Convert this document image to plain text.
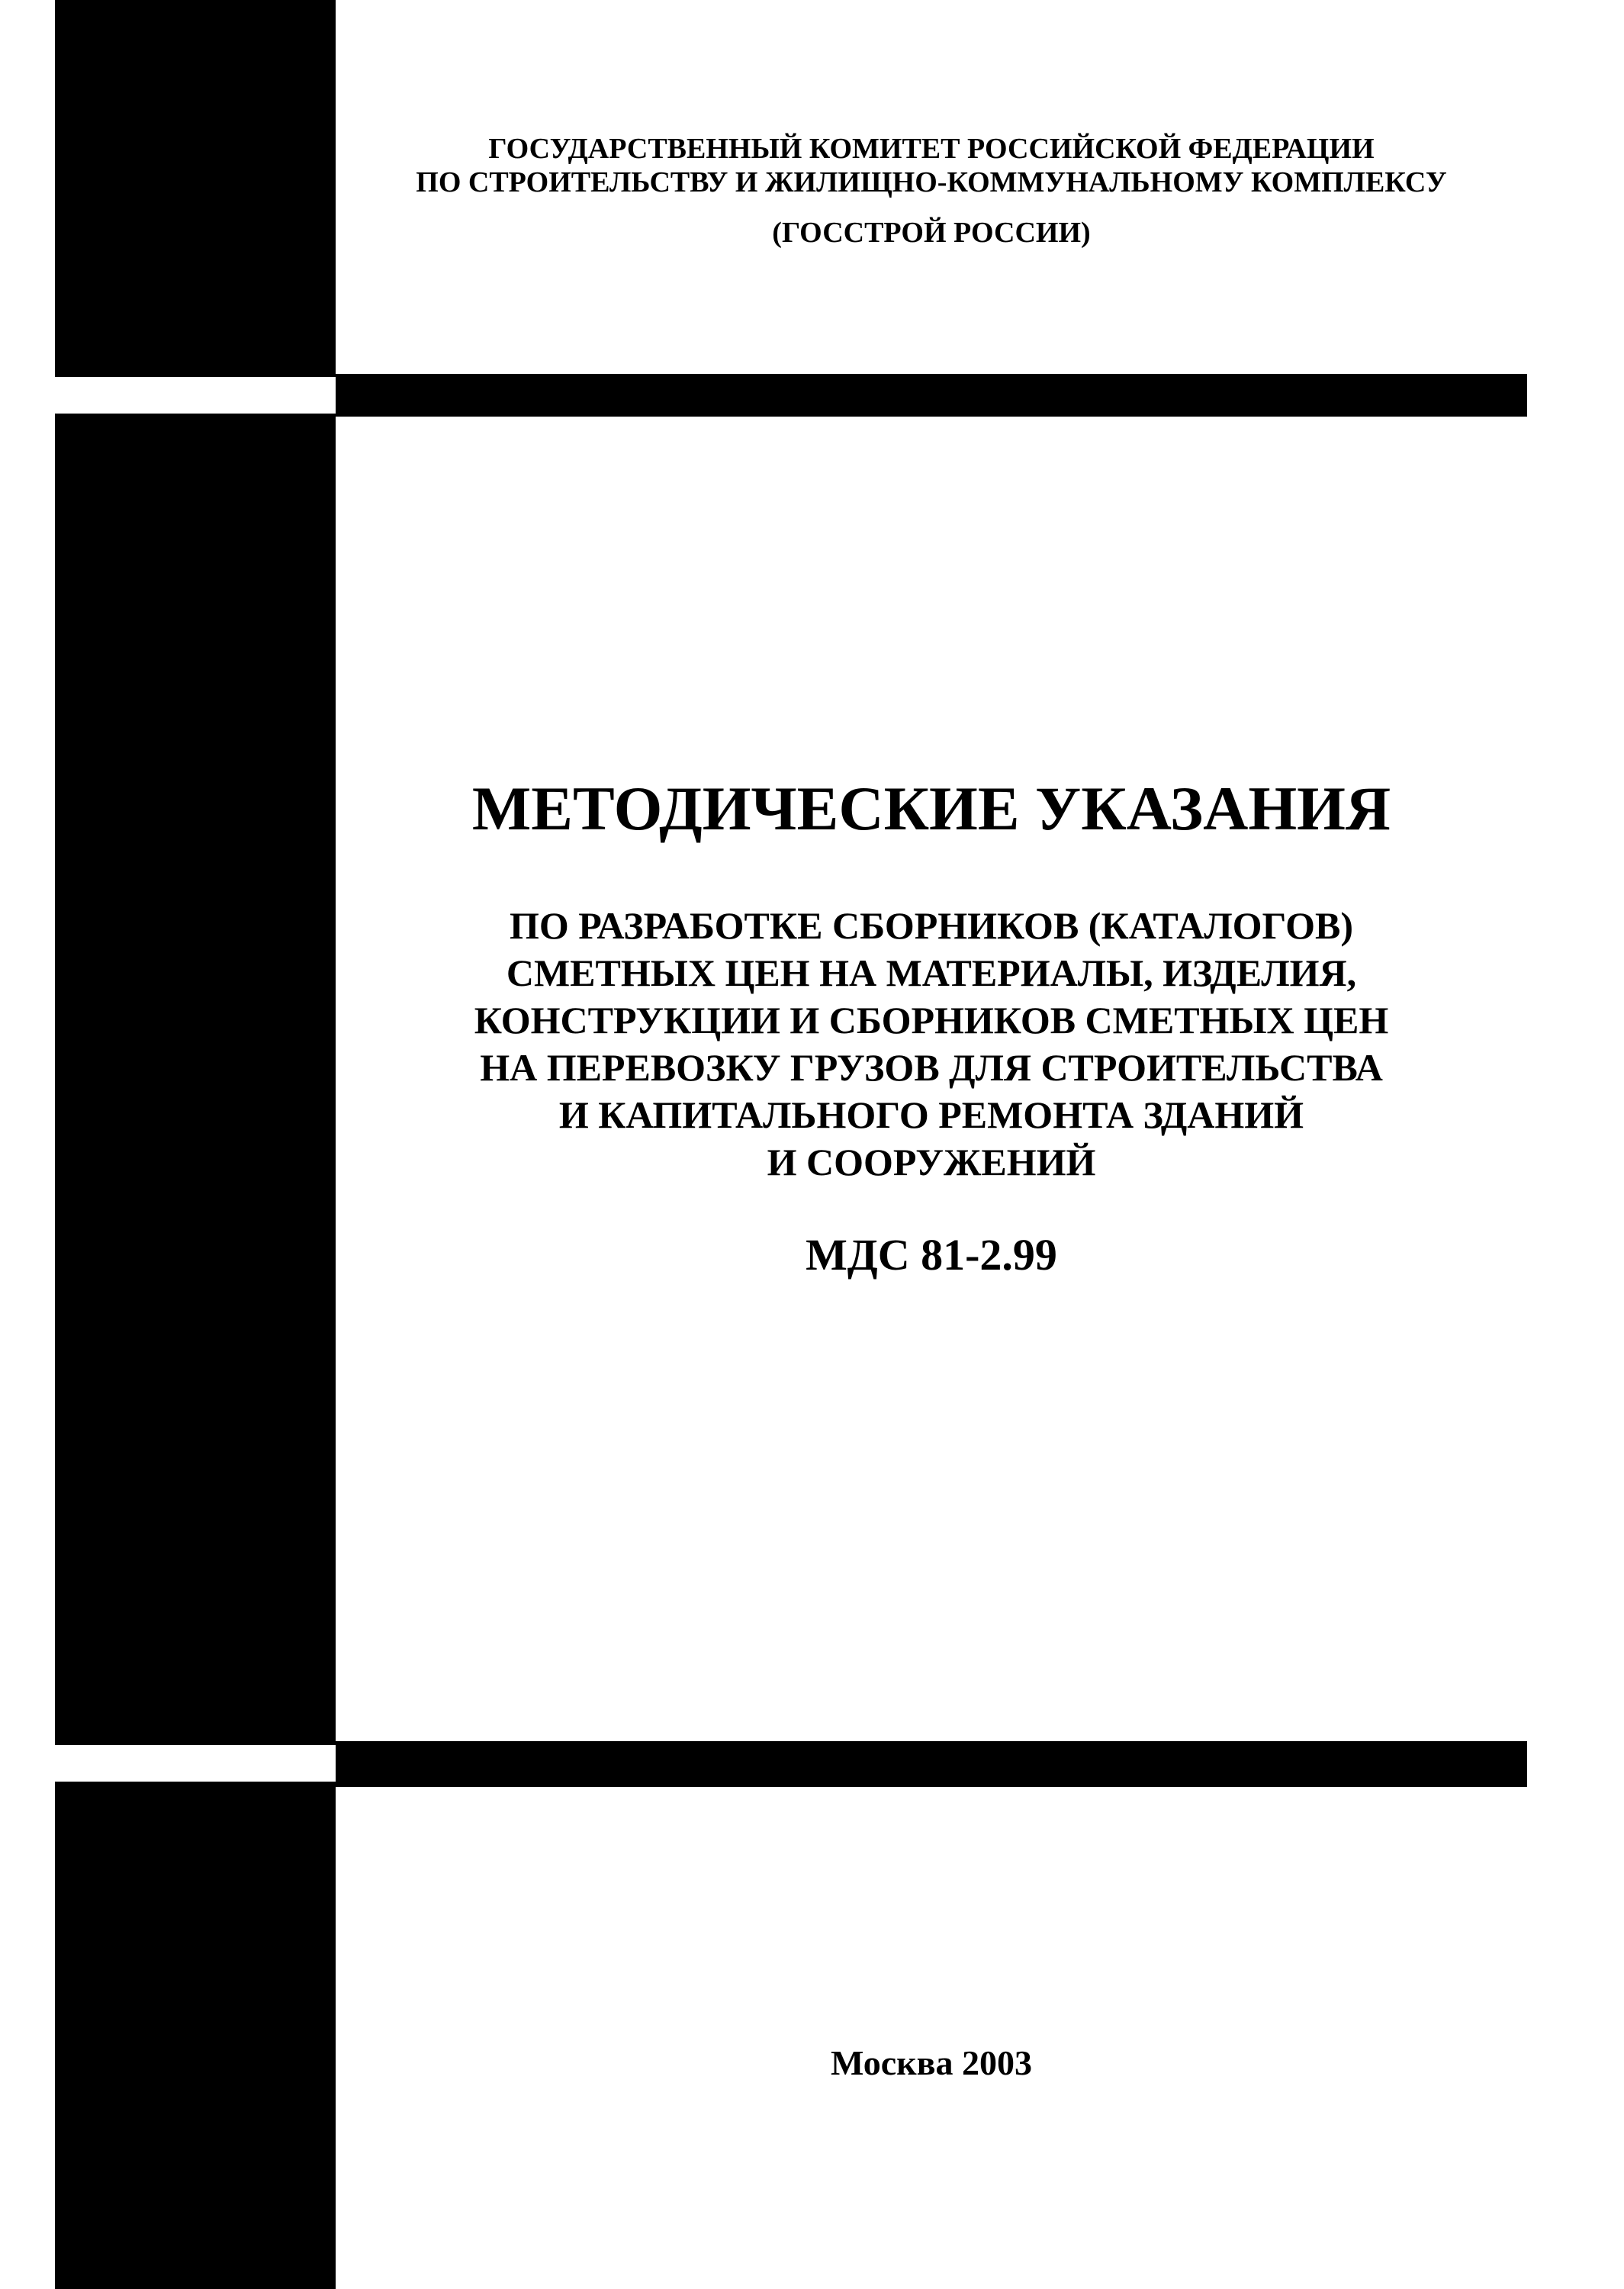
ГОСУДАРСТВЕННЫЙ КОМИТЕТ РОССИЙСКОЙ ФЕДЕРАЦИИ
ПО СТРОИТЕЛЬСТВУ И ЖИЛИЩНО-КОММУНАЛЬНОМУ КОМПЛЕКСУ
(ГОССТРОЙ РОССИИ)
МЕТОДИЧЕСКИЕ УКАЗАНИЯ
ПО РАЗРАБОТКЕ СБОРНИКОВ (КАТАЛОГОВ)
СМЕТНЫХ ЦЕН НА МАТЕРИАЛЫ, ИЗДЕЛИЯ,
КОНСТРУКЦИИ И СБОРНИКОВ СМЕТНЫХ ЦЕН
НА ПЕРЕВОЗКУ ГРУЗОВ ДЛЯ СТРОИТЕЛЬСТВА
И КАПИТАЛЬНОГО РЕМОНТА ЗДАНИЙ
И СООРУЖЕНИЙ
МДС 81-2.99
Москва 2003
